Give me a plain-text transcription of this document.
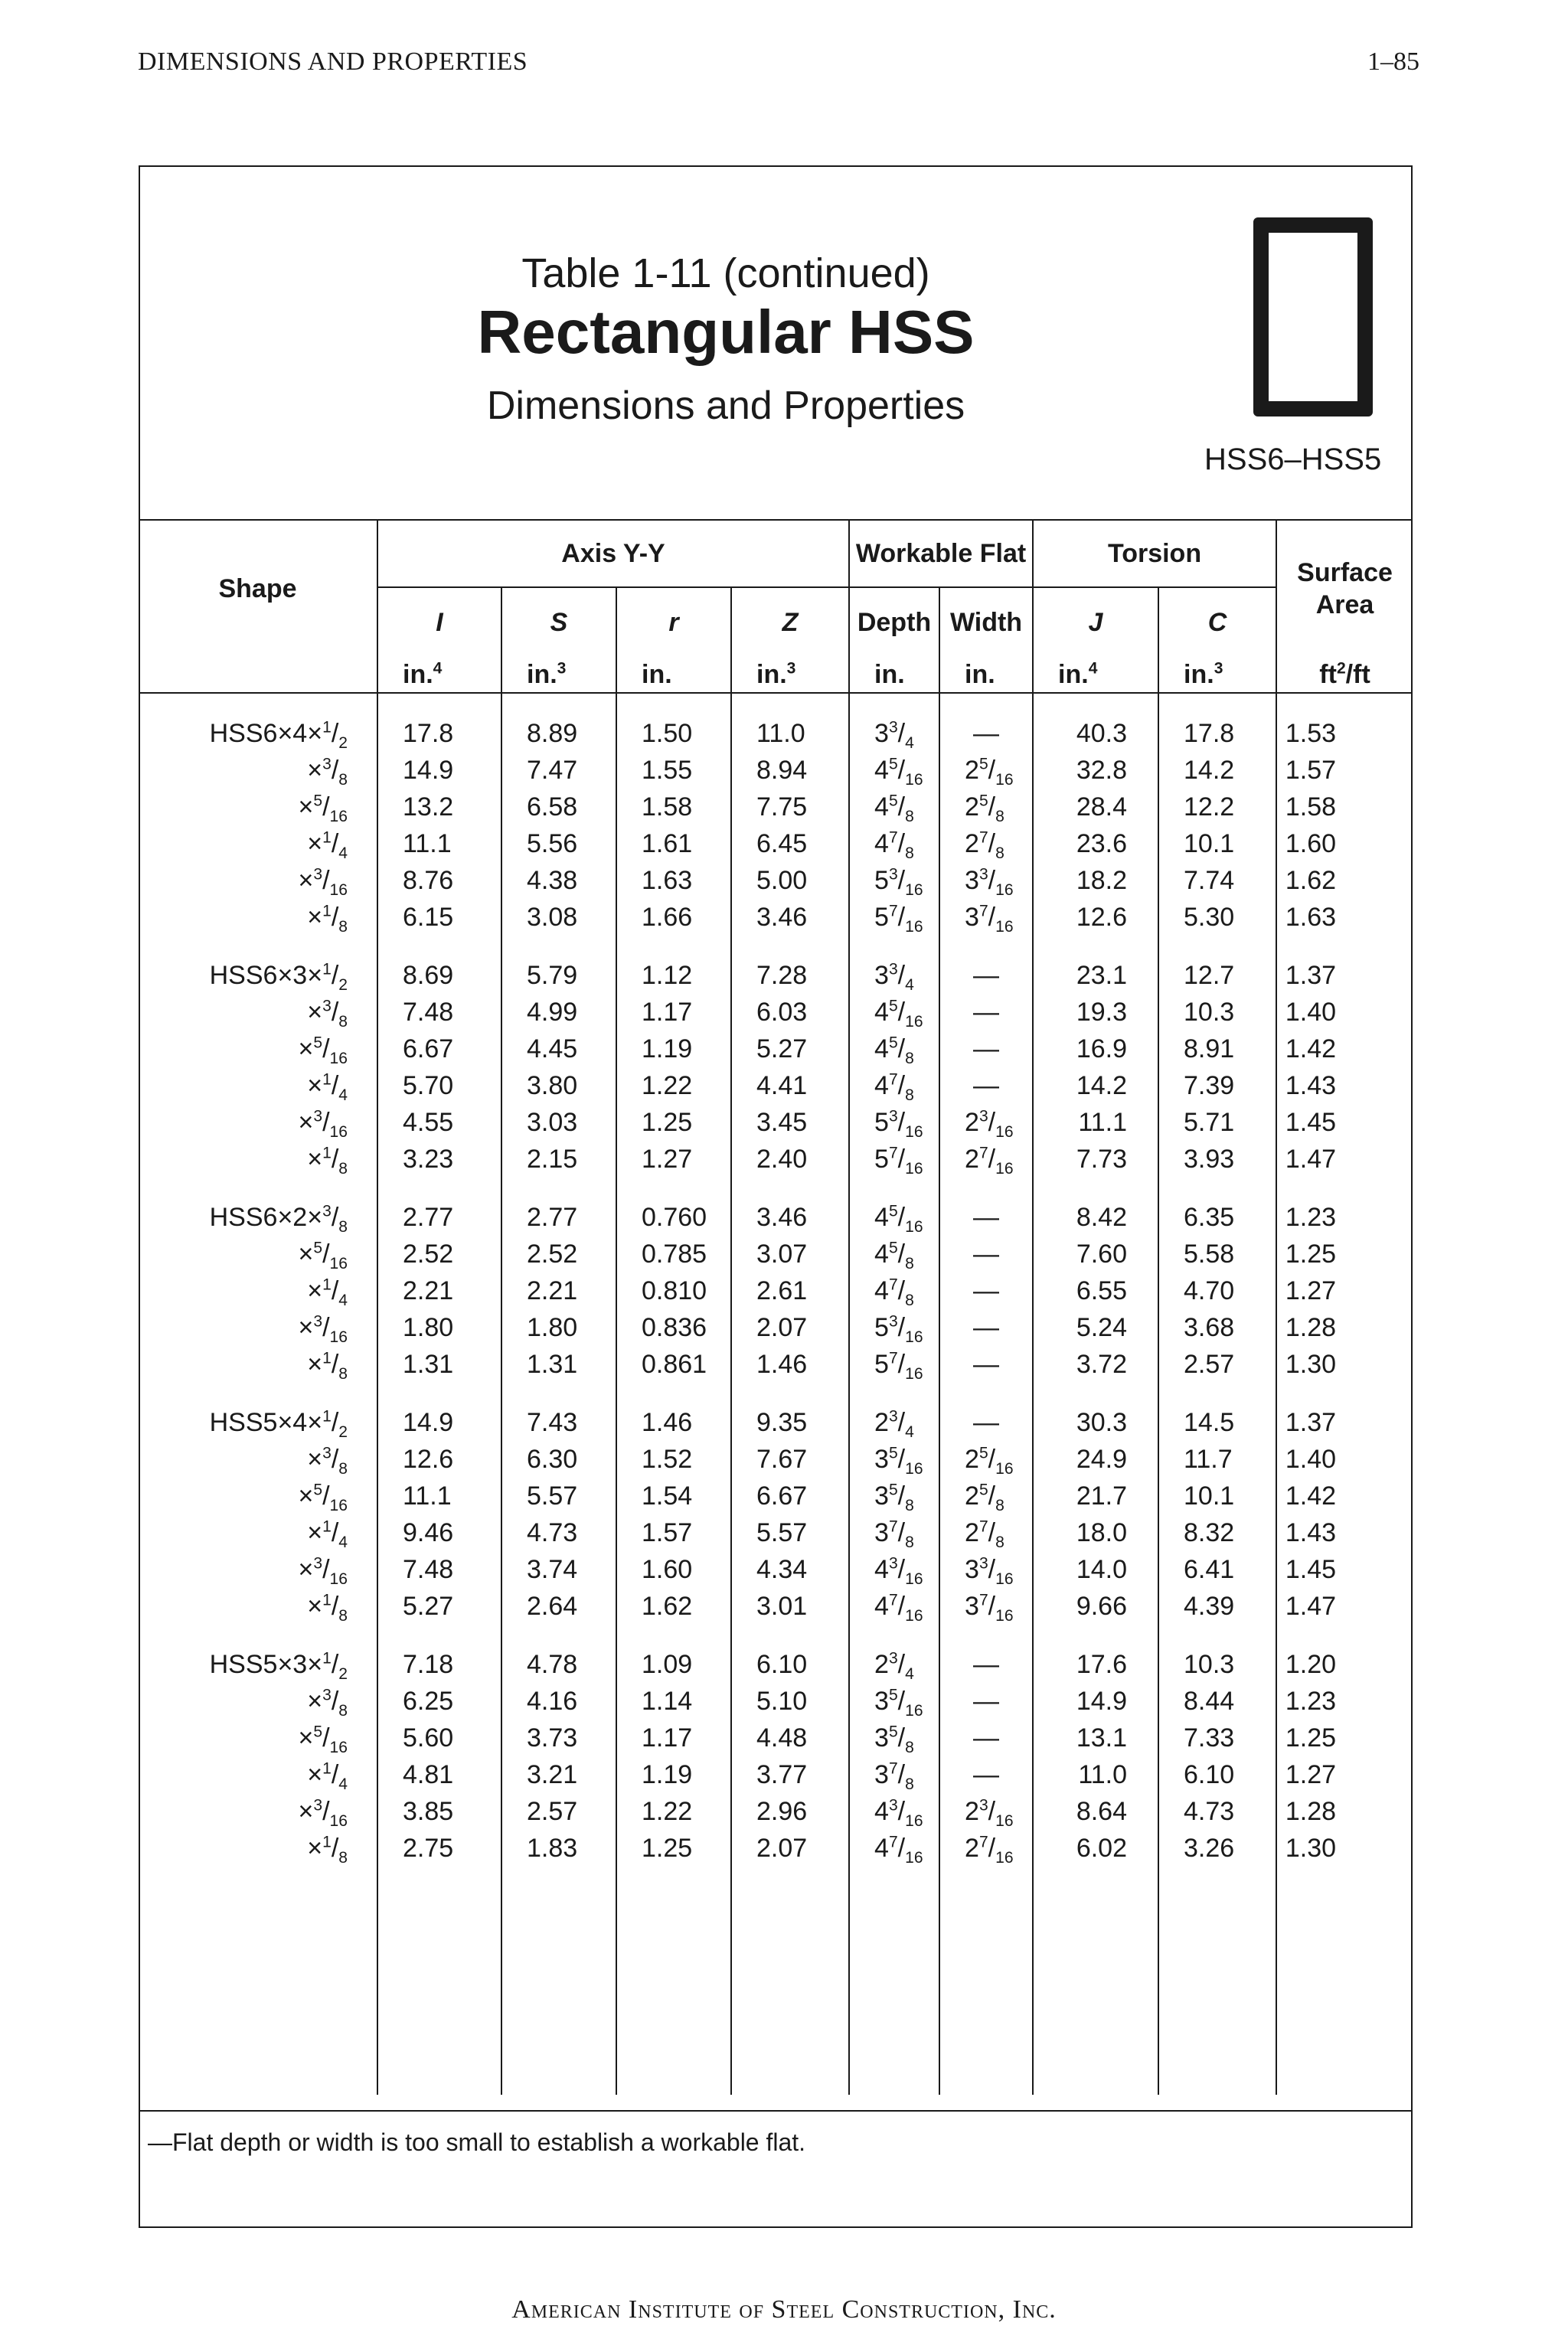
DIMENSIONS AND PROPERTIES	1–85
Table 1-11 (continued)
Rectangular HSS
Dimensions and Properties
HSS6–HSS5
Shape	Axis Y-Y				Workable Flat		Torsion		Surface Area
	I	S	r	Z	Depth	Width	J	C	
	in.$^4$	in.$^3$	in.	in.$^3$	in.	in.	in.$^4$	in.$^3$	$ft^2/ft$

$HSS6\times 4\times^1/_2$	17.8	8.89	1.50	11.0	$3^3/_4$	—	40.3	17.8	1.53
$\times^3/_8$	14.9	7.47	1.55	8.94	$4^5/_{16}$	$2^5/_{16}$	32.8	14.2	1.57
$\times^5/_{16}$	13.2	6.58	1.58	7.75	$4^5/_8$	$2^5/_8$	28.4	12.2	1.58
$\times^1/_4$	11.1	5.56	1.61	6.45	$4^7/_8$	$2^7/_8$	23.6	10.1	1.60
$\times^3/_{16}$	8.76	4.38	1.63	5.00	$5^3/_{16}$	$3^3/_{16}$	18.2	7.74	1.62
$\times^1/_8$	6.15	3.08	1.66	3.46	$5^7/_{16}$	$3^7/_{16}$	12.6	5.30	1.63

$HSS6\times 3\times^1/_2$	8.69	5.79	1.12	7.28	$3^3/_4$	—	23.1	12.7	1.37
$\times^3/_8$	7.48	4.99	1.17	6.03	$4^5/_{16}$	—	19.3	10.3	1.40
$\times^5/_{16}$	6.67	4.45	1.19	5.27	$4^5/_8$	—	16.9	8.91	1.42
$\times^1/_4$	5.70	3.80	1.22	4.41	$4^7/_8$	—	14.2	7.39	1.43
$\times^3/_{16}$	4.55	3.03	1.25	3.45	$5^3/_{16}$	$2^3/_{16}$	11.1	5.71	1.45
$\times^1/_8$	3.23	2.15	1.27	2.40	$5^7/_{16}$	$2^7/_{16}$	7.73	3.93	1.47

$HSS6\times 2\times^3/_8$	2.77	2.77	0.760	3.46	$4^5/_{16}$	—	8.42	6.35	1.23
$\times^5/_{16}$	2.52	2.52	0.785	3.07	$4^5/_8$	—	7.60	5.58	1.25
$\times^1/_4$	2.21	2.21	0.810	2.61	$4^7/_8$	—	6.55	4.70	1.27
$\times^3/_{16}$	1.80	1.80	0.836	2.07	$5^3/_{16}$	—	5.24	3.68	1.28
$\times^1/_8$	1.31	1.31	0.861	1.46	$5^7/_{16}$	—	3.72	2.57	1.30

$HSS5\times 4\times^1/_2$	14.9	7.43	1.46	9.35	$2^3/_4$	—	30.3	14.5	1.37
$\times^3/_8$	12.6	6.30	1.52	7.67	$3^5/_{16}$	$2^5/_{16}$	24.9	11.7	1.40
$\times^5/_{16}$	11.1	5.57	1.54	6.67	$3^5/_8$	$2^5/_8$	21.7	10.1	1.42
$\times^1/_4$	9.46	4.73	1.57	5.57	$3^7/_8$	$2^7/_8$	18.0	8.32	1.43
$\times^3/_{16}$	7.48	3.74	1.60	4.34	$4^3/_{16}$	$3^3/_{16}$	14.0	6.41	1.45
$\times^1/_8$	5.27	2.64	1.62	3.01	$4^7/_{16}$	$3^7/_{16}$	9.66	4.39	1.47

$HSS5\times 3\times^1/_2$	7.18	4.78	1.09	6.10	$2^3/_4$	—	17.6	10.3	1.20
$\times^3/_8$	6.25	4.16	1.14	5.10	$3^5/_{16}$	—	14.9	8.44	1.23
$\times^5/_{16}$	5.60	3.73	1.17	4.48	$3^5/_8$	—	13.1	7.33	1.25
$\times^1/_4$	4.81	3.21	1.19	3.77	$3^7/_8$	—	11.0	6.10	1.27
$\times^3/_{16}$	3.85	2.57	1.22	2.96	$4^3/_{16}$	$2^3/_{16}$	8.64	4.73	1.28
$\times^1/_8$	2.75	1.83	1.25	2.07	$4^7/_{16}$	$2^7/_{16}$	6.02	3.26	1.30

—Flat depth or width is too small to establish a workable flat.
American Institute of Steel Construction, Inc.
